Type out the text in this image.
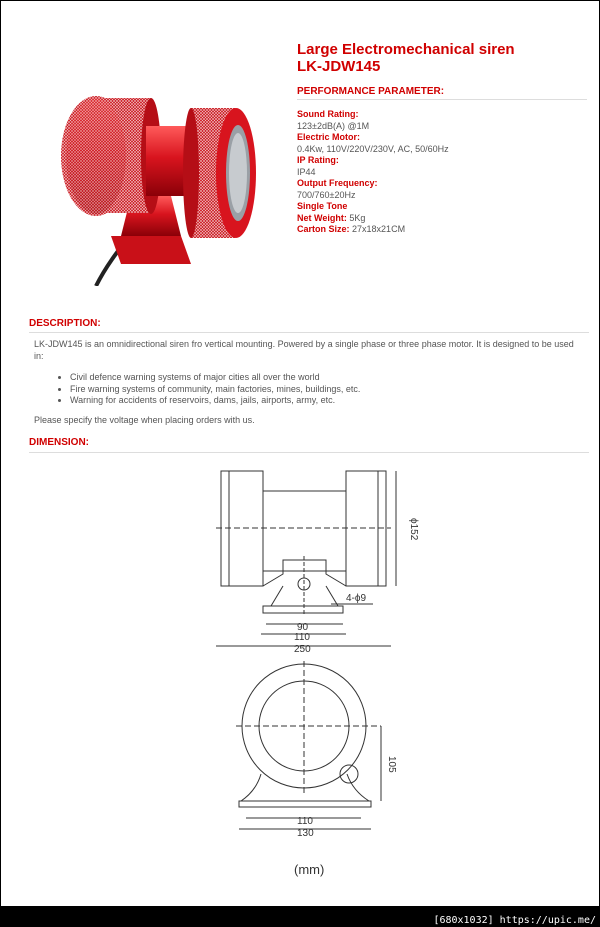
Large Electromechanical siren
LK-JDW145
PERFORMANCE PARAMETER:
Sound Rating:
123±2dB(A) @1M
Electric Motor:
0.4Kw, 110V/220V/230V, AC, 50/60Hz
IP Rating:
IP44
Output Frequency:
700/760±20Hz
Single Tone
Net Weight: 5Kg
Carton Size: 27x18x21CM
DESCRIPTION:

LK-JDW145 is an omnidirectional siren fro vertical mounting. Powered by a single phase or three phase motor. It is designed to be used in:

• Civil defence warning systems of major cities all over the world
• Fire warning systems of community, main factories, mines, buildings, etc.
• Warning for accidents of reservoirs, dams, jails, airports, army, etc.

Please specify the voltage when placing orders with us.

DIMENSION:
ϕ152
4-ϕ9
90
110
250
105
110
130
(mm)
[680x1032] https://upic.me/
